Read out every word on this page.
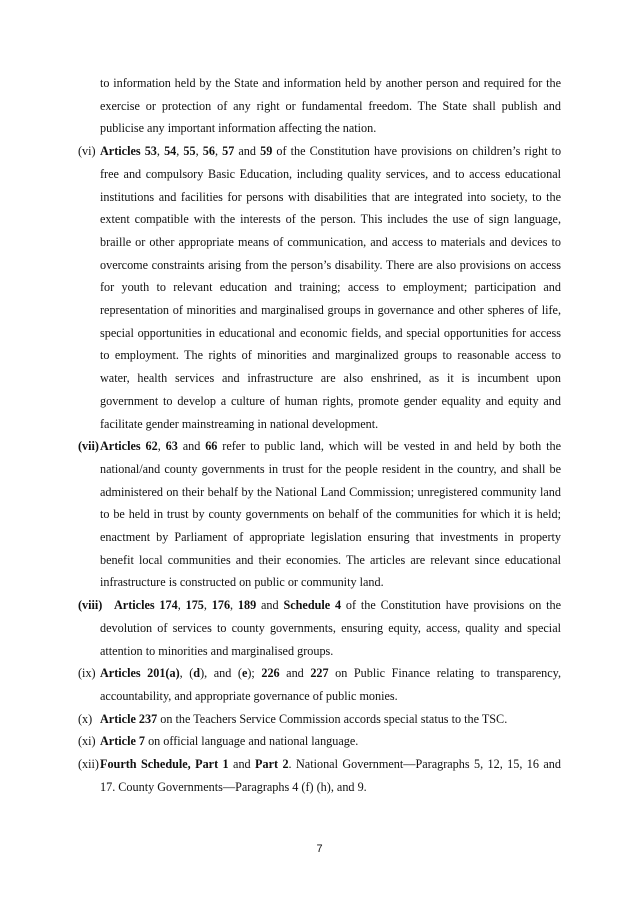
to information held by the State and information held by another person and required for the exercise or protection of any right or fundamental freedom. The State shall publish and publicise any important information affecting the nation.

(vi) Articles 53, 54, 55, 56, 57 and 59 of the Constitution have provisions on children’s right to free and compulsory Basic Education, including quality services, and to access educational institutions and facilities for persons with disabilities that are integrated into society, to the extent compatible with the interests of the person. This includes the use of sign language, braille or other appropriate means of communication, and access to materials and devices to overcome constraints arising from the person’s disability. There are also provisions on access for youth to relevant education and training; access to employment; participation and representation of minorities and marginalised groups in governance and other spheres of life, special opportunities in educational and economic fields, and special opportunities for access to employment. The rights of minorities and marginalized groups to reasonable access to water, health services and infrastructure are also enshrined, as it is incumbent upon government to develop a culture of human rights, promote gender equality and equity and facilitate gender mainstreaming in national development.

(vii) Articles 62, 63 and 66 refer to public land, which will be vested in and held by both the national/and county governments in trust for the people resident in the country, and shall be administered on their behalf by the National Land Commission; unregistered community land to be held in trust by county governments on behalf of the communities for which it is held; enactment by Parliament of appropriate legislation ensuring that investments in property benefit local communities and their economies. The articles are relevant since educational infrastructure is constructed on public or community land.

(viii) Articles 174, 175, 176, 189 and Schedule 4 of the Constitution have provisions on the devolution of services to county governments, ensuring equity, access, quality and special attention to minorities and marginalised groups.

(ix) Articles 201(a), (d), and (e); 226 and 227 on Public Finance relating to transparency, accountability, and appropriate governance of public monies.

(x) Article 237 on the Teachers Service Commission accords special status to the TSC.

(xi) Article 7 on official language and national language.

(xii) Fourth Schedule, Part 1 and Part 2. National Government—Paragraphs 5, 12, 15, 16 and 17. County Governments—Paragraphs 4 (f) (h), and 9.

7
